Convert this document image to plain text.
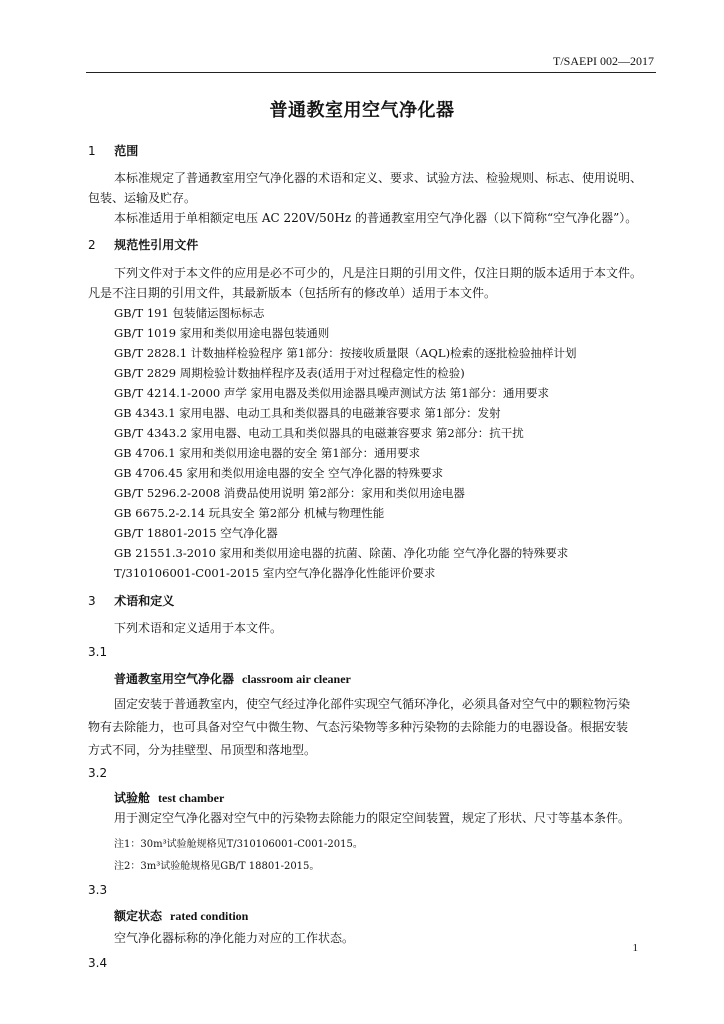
T/SAEPI 002—2017
普通教室用空气净化器
1 范围
本标准规定了普通教室用空气净化器的术语和定义、要求、试验方法、检验规则、标志、使用说明、
包装、运输及贮存。
本标准适用于单相额定电压 AC 220V/50Hz 的普通教室用空气净化器（以下简称“空气净化器”）。
2 规范性引用文件
下列文件对于本文件的应用是必不可少的，凡是注日期的引用文件，仅注日期的版本适用于本文件。
凡是不注日期的引用文件，其最新版本（包括所有的修改单）适用于本文件。
GB/T 191 包装储运图标标志
GB/T 1019 家用和类似用途电器包装通则
GB/T 2828.1 计数抽样检验程序 第1部分：按接收质量限（AQL)检索的逐批检验抽样计划
GB/T 2829 周期检验计数抽样程序及表(适用于对过程稳定性的检验)
GB/T 4214.1-2000 声学 家用电器及类似用途器具噪声测试方法 第1部分：通用要求
GB 4343.1 家用电器、电动工具和类似器具的电磁兼容要求 第1部分：发射
GB/T 4343.2 家用电器、电动工具和类似器具的电磁兼容要求 第2部分：抗干扰
GB 4706.1 家用和类似用途电器的安全 第1部分：通用要求
GB 4706.45 家用和类似用途电器的安全 空气净化器的特殊要求
GB/T 5296.2-2008 消费品使用说明 第2部分：家用和类似用途电器
GB 6675.2-2.14 玩具安全 第2部分 机械与物理性能
GB/T 18801-2015 空气净化器
GB 21551.3-2010 家用和类似用途电器的抗菌、除菌、净化功能 空气净化器的特殊要求
T/310106001-C001-2015 室内空气净化器净化性能评价要求
3 术语和定义
下列术语和定义适用于本文件。
3.1
普通教室用空气净化器 classroom air cleaner
固定安装于普通教室内，使空气经过净化部件实现空气循环净化，必须具备对空气中的颗粒物污染
物有去除能力，也可具备对空气中微生物、气态污染物等多种污染物的去除能力的电器设备。根据安装
方式不同，分为挂壁型、吊顶型和落地型。
3.2
试验舱 test chamber
用于测定空气净化器对空气中的污染物去除能力的限定空间装置，规定了形状、尺寸等基本条件。
注1：30m³试验舱规格见T/310106001-C001-2015。
注2：3m³试验舱规格见GB/T 18801-2015。
3.3
额定状态 rated condition
空气净化器标称的净化能力对应的工作状态。
3.4
1
